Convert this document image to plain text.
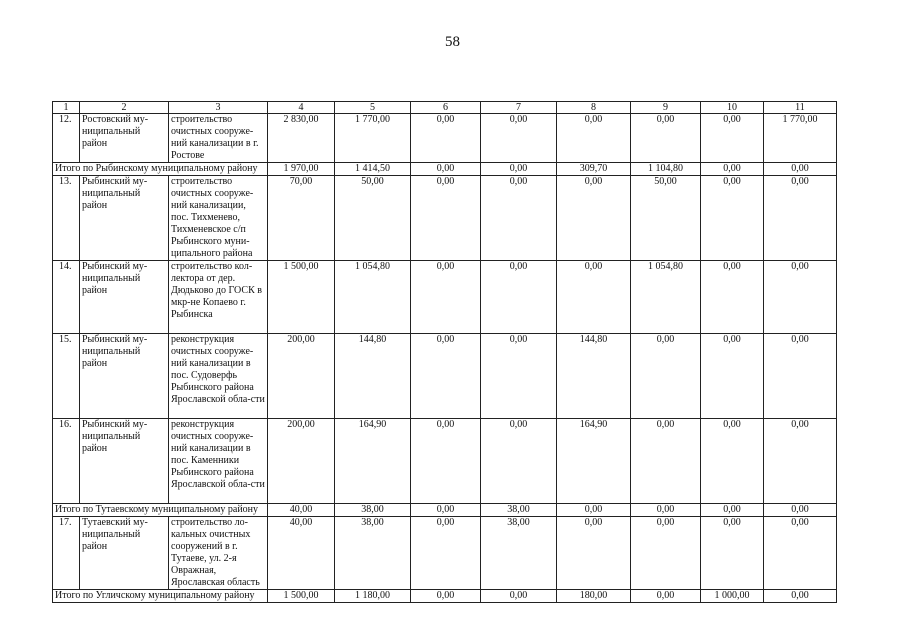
58
1	2	3	4	5	6	7	8	9	10	11
12.	Ростовский му-ниципальный район	строительство очистных сооруже-ний канализации в г. Ростове	2 830,00	1 770,00	0,00	0,00	0,00	0,00	0,00	1 770,00
Итого по Рыбинскому муниципальному району			1 970,00	1 414,50	0,00	0,00	309,70	1 104,80	0,00	0,00
13.	Рыбинский му-ниципальный район	строительство очистных сооруже-ний канализации, пос. Тихменево, Тихменевское с/п Рыбинского муни-ципального района	70,00	50,00	0,00	0,00	0,00	50,00	0,00	0,00
14.	Рыбинский му-ниципальный район	строительство кол-лектора от дер. Дюдьково до ГОСК в мкр-не Копаево г. Рыбинска	1 500,00	1 054,80	0,00	0,00	0,00	1 054,80	0,00	0,00
15.	Рыбинский му-ниципальный район	реконструкция очистных сооруже-ний канализации в пос. Судоверфь Рыбинского района Ярославской обла-сти	200,00	144,80	0,00	0,00	144,80	0,00	0,00	0,00
16.	Рыбинский му-ниципальный район	реконструкция очистных сооруже-ний канализации в пос. Каменники Рыбинского района Ярославской обла-сти	200,00	164,90	0,00	0,00	164,90	0,00	0,00	0,00
Итого по Тутаевскому муниципальному району			40,00	38,00	0,00	38,00	0,00	0,00	0,00	0,00
17.	Тутаевский му-ниципальный район	строительство ло-кальных очистных сооружений в г. Тутаеве, ул. 2-я Овражная, Ярославская область	40,00	38,00	0,00	38,00	0,00	0,00	0,00	0,00
Итого по Угличскому муниципальному району			1 500,00	1 180,00	0,00	0,00	180,00	0,00	1 000,00	0,00
